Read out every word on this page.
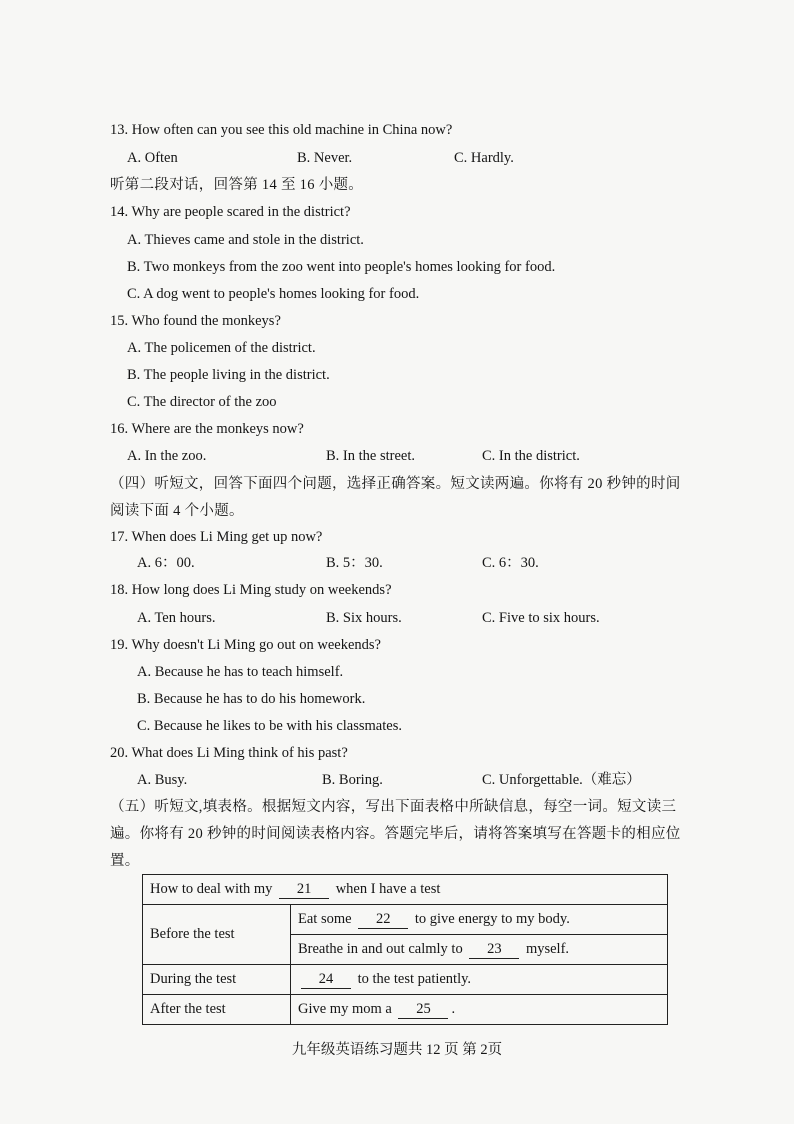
13. How often can you see this old machine in China now?
A. Often	B. Never.	C. Hardly.
听第二段对话，回答第 14 至 16 小题。
14. Why are people scared in the district?
A. Thieves came and stole in the district.
B. Two monkeys from the zoo went into people's homes looking for food.
C. A dog went to people's homes looking for food.
15. Who found the monkeys?
A. The policemen of the district.
B. The people living in the district.
C. The director of the zoo
16. Where are the monkeys now?
A. In the zoo.	B. In the street.	C. In the district.
（四）听短文，回答下面四个问题，选择正确答案。短文读两遍。你将有 20 秒钟的时间
阅读下面 4 个小题。
17. When does Li Ming get up now?
A. 6：00.	B. 5：30.	C. 6：30.
18. How long does Li Ming study on weekends?
A. Ten hours.	B. Six hours.	C. Five to six hours.
19. Why doesn't Li Ming go out on weekends?
A. Because he has to teach himself.
B. Because he has to do his homework.
C. Because he likes to be with his classmates.
20. What does Li Ming think of his past?
A. Busy.	B. Boring.	C. Unforgettable.（难忘）
（五）听短文,填表格。根据短文内容，写出下面表格中所缺信息，每空一词。短文读三
遍。你将有 20 秒钟的时间阅读表格内容。答题完毕后，请将答案填写在答题卡的相应位
置。
How to deal with my 21 when I have a test	
Before the test	Eat some 22 to give energy to my body.
	Breathe in and out calmly to 23 myself.
During the test	24 to the test patiently.
After the test	Give my mom a 25 .
九年级英语练习题共 12 页 第 2页
